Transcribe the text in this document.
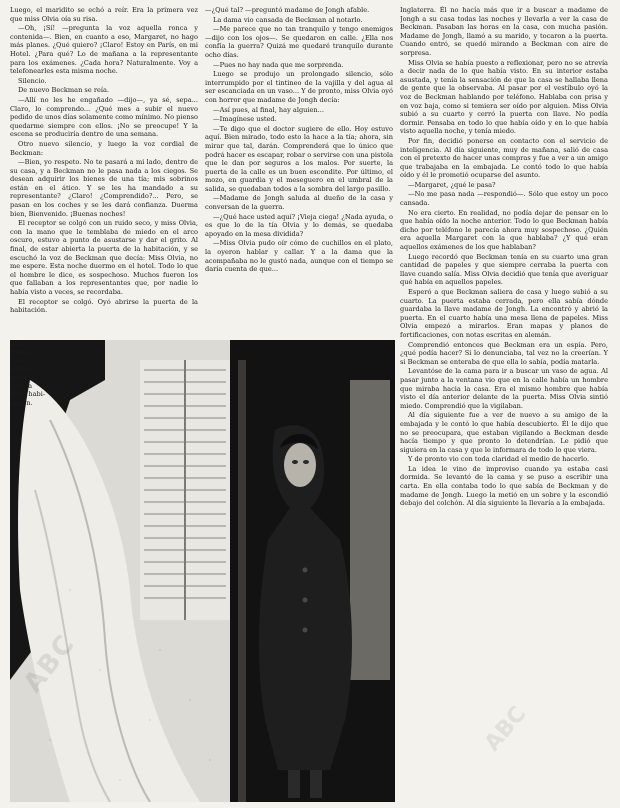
Luego, el maridito se echó a reír. Era la primera vez que miss Olvia oía su risa.

—Oh, ¡Sí! —pregunta la voz aquella ronca y contenida—. Bien, en cuanto a eso, Margaret, no hago más planes. ¿Qué quiero? ¡Claro! Estoy en París, en mi Hotel. ¿Para qué? Lo de mañana a la representante para los exámenes. ¿Cada hora? Naturalmente. Voy a telefonearles esta misma noche.

Silencio.

De nuevo Beckman se reía.

—Allí no les he engañado —dijo—, ya sé, sepa... Claro, lo comprendo... ¿Qué mes a subir el nuevo pedido de unos días solamente como mínimo. No pienso quedarme siempre con ellos. ¡No se preocupe! Y la escena se produciría dentro de una semana.

Otro nuevo silencio, y luego la voz cordial de Beckman:

—Bien, yo respeto. No te pasará a mi lado, dentro de su casa, y a Beckman no le pasa nada a los ciegos. Se desean adquirir los bienes de una tía; mis sobrinos están en el ático. Y se les ha mandado a su representante? ¿Claro! ¿Comprendido?... Pero, se pasan en los coches y se les dará confianza. Duerma bien, Bienvenido. ¡Buenas noches!

El receptor se colgó con un ruido seco, y miss Olvia, con la mano que le temblaba de miedo en el arco oscuro, estuvo a punto de asustarse y dar el grito. Al final, de estar abierta la puerta de la habitación, y se escuchó la voz de Beckman que decía: Miss Olvia, no me espere. Esta noche duermo en el hotel. Todo lo que el hombre le dice, es sospechoso. Muchos fueron los que fallaban a los representantes que, por nadie lo había visto a veces, se recordaba.

El receptor se colgó. Oyó abrirse la puerta de la habitación.

—¿Qué tal? —preguntó madame de Jongh afable.

La dama vio cansada de Beckman al notarlo.

—Me parece que no tan tranquilo y tengo enemigos —dijo con los ojos—. Se quedaron en calle. ¿Ella nos confía la guerra? Quizá me quedaré tranquilo durante ocho días.

—Pues no hay nada que me sorprenda.

Luego se produjo un prolongado silencio, sólo interrumpido por el tintineo de la vajilla y del agua al ser escanciada en un vaso... Y de pronto, miss Olvia oyó con horror que madame de Jongh decía:

—Así pues, al final, hay alguien...

—Imagínese usted.

—Te digo que el doctor sugiere de ello. Hoy estuvo aquí. Bien mirado, todo esto la hace a la tía; ahora, sin mirar que tal, darán. Comprenderá que lo único que podrá hacer es escapar, robar o servirse con una pistola que le dan por seguros a los malos. Por suerte, la puerta de la calle es un buen escondite. Por último, el mozo, en guardia y el meseguero en el umbral de la salida, se quedaban todos a la sombra del largo pasillo.

—Madame de Jongh saluda al dueño de la casa y conversan de la guerra.

—¿Qué hace usted aquí? ¡Vieja ciega! ¿Nada ayuda, o es que lo de la tía Olvia y lo demás, se quedaba apoyado en la mesa dividida?

—Miss Olvia pudo oír cómo de cuchillos en el plato, la oyeron hablar y callar. Y a la dama que la acompañaba no le gustó nada, aunque con el tiempo se daría cuenta de que...

Inglaterra. Él no hacía más que ir a buscar a madame de Jongh a su casa todas las noches y llevarla a ver la casa de Beckman. Pasaban las horas en la casa, con mucha pasión. Madame de Jongh, llamó a su marido, y tocaron a la puerta. Cuando entró, se quedó mirando a Beckman con aire de sorpresa.

Miss Olvia se había puesto a reflexionar, pero no se atrevía a decir nada de lo que había visto. En su interior estaba asustada, y tenía la sensación de que la casa se hallaba llena de gente que la observaba. Al pasar por el vestíbulo oyó la voz de Beckman hablando por teléfono. Hablaba con prisa y en voz baja, como si temiera ser oído por alguien. Miss Olvia subió a su cuarto y cerró la puerta con llave. No podía dormir. Pensaba en todo lo que había oído y en lo que había visto aquella noche, y tenía miedo.

Por fin, decidió ponerse en contacto con el servicio de inteligencia. Al día siguiente, muy de mañana, salió de casa con el pretexto de hacer unas compras y fue a ver a un amigo que trabajaba en la embajada. Le contó todo lo que había oído y él le prometió ocuparse del asunto.

—Margaret, ¿qué le pasa?

—No me pasa nada —respondió—. Sólo que estoy un poco cansada.

No era cierto. En realidad, no podía dejar de pensar en lo que había oído la noche anterior. Todo lo que Beckman había dicho por teléfono le parecía ahora muy sospechoso. ¿Quién era aquella Margaret con la que hablaba? ¿Y qué eran aquellos exámenes de los que hablaban?

Luego recordó que Beckman tenía en su cuarto una gran cantidad de papeles y que siempre cerraba la puerta con llave cuando salía. Miss Olvia decidió que tenía que averiguar qué había en aquellos papeles.

Esperó a que Beckman saliera de casa y luego subió a su cuarto. La puerta estaba cerrada, pero ella sabía dónde guardaba la llave madame de Jongh. La encontró y abrió la puerta. En el cuarto había una mesa llena de papeles. Miss Olvia empezó a mirarlos. Eran mapas y planos de fortificaciones, con notas escritas en alemán.

Comprendió entonces que Beckman era un espía. Pero, ¿qué podía hacer? Si lo denunciaba, tal vez no la creerían. Y si Beckman se enteraba de que ella lo sabía, podía matarla.

Levantóse de la cama para ir a buscar un vaso de agua. Al pasar junto a la ventana vio que en la calle había un hombre que miraba hacia la casa. Era el mismo hombre que había visto el día anterior delante de la puerta. Miss Olvia sintió miedo. Comprendió que la vigilaban.

Al día siguiente fue a ver de nuevo a su amigo de la embajada y le contó lo que había descubierto. Él le dijo que no se preocupara, que estaban vigilando a Beckman desde hacía tiempo y que pronto lo detendrían. Le pidió que siguiera en la casa y que le informara de todo lo que viera.

Y de pronto vio con toda claridad el medio de hacerlo.

La idea le vino de improviso cuando ya estaba casi dormida. Se levantó de la cama y se puso a escribir una carta. En ella contaba todo lo que sabía de Beckman y de madame de Jongh. Luego la metió en un sobre y la escondió debajo del colchón. Al día siguiente la llevaría a la embajada.

sus...
había...
Oyó
abrirse
de la
puerta
de la habi-
tación.
ABC
